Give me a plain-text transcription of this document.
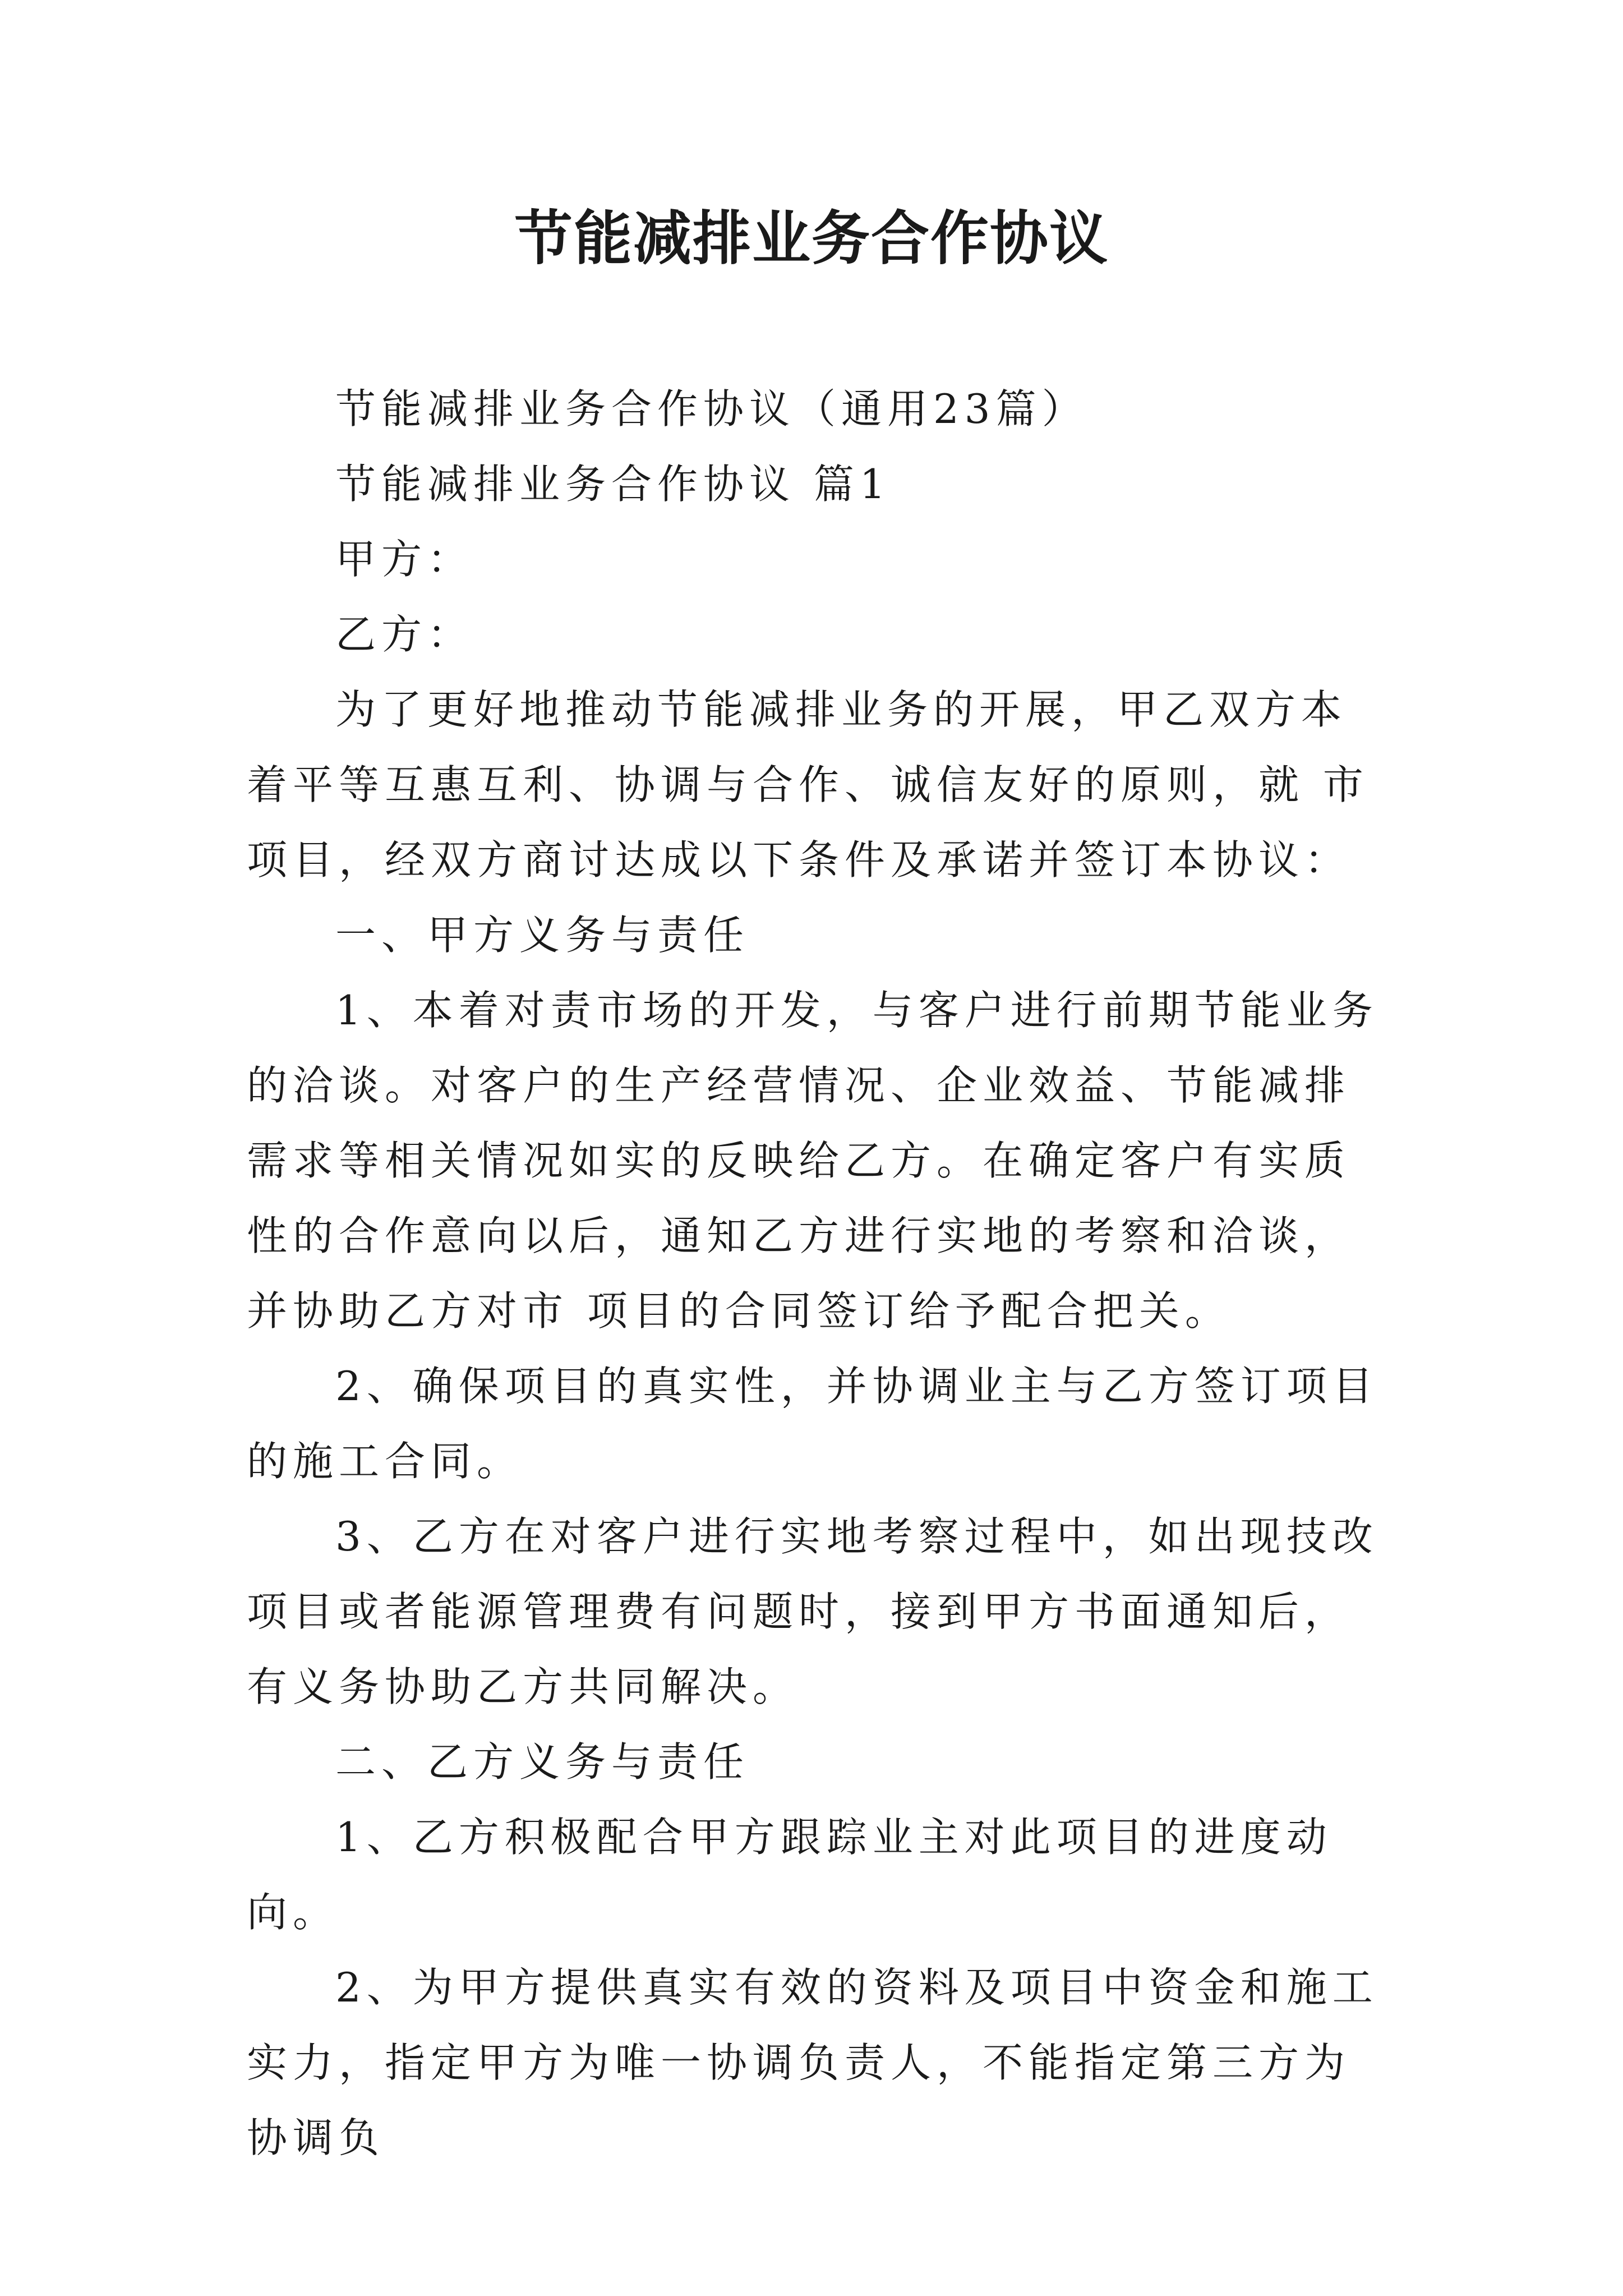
节能减排业务合作协议

节能减排业务合作协议（通用23篇）

节能减排业务合作协议 篇1

甲方：

乙方：

为了更好地推动节能减排业务的开展，甲乙双方本着平等互惠互利、协调与合作、诚信友好的原则，就 市 项目，经双方商讨达成以下条件及承诺并签订本协议：

一、甲方义务与责任

1、本着对责市场的开发，与客户进行前期节能业务的洽谈。对客户的生产经营情况、企业效益、节能减排需求等相关情况如实的反映给乙方。在确定客户有实质性的合作意向以后，通知乙方进行实地的考察和洽谈，并协助乙方对市 项目的合同签订给予配合把关。

2、确保项目的真实性，并协调业主与乙方签订项目的施工合同。

3、乙方在对客户进行实地考察过程中，如出现技改项目或者能源管理费有问题时，接到甲方书面通知后，有义务协助乙方共同解决。

二、乙方义务与责任

1、乙方积极配合甲方跟踪业主对此项目的进度动向。

2、为甲方提供真实有效的资料及项目中资金和施工实力，指定甲方为唯一协调负责人，不能指定第三方为协调负
